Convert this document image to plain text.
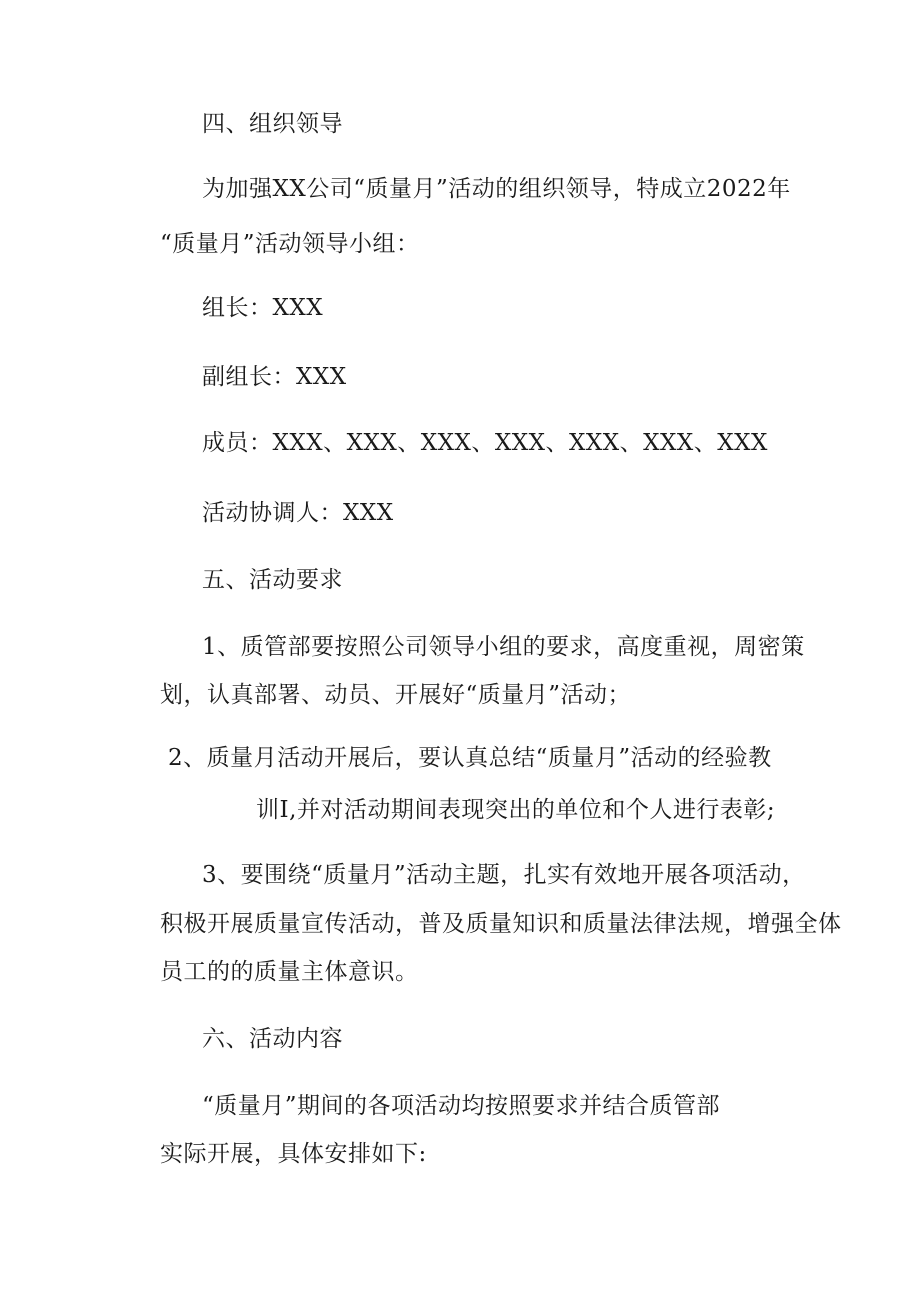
四、组织领导
为加强XX公司“质量月”活动的组织领导，特成立2022年
“质量月”活动领导小组：
组长：XXX
副组长：XXX
成员：XXX、XXX、XXX、XXX、XXX、XXX、XXX
活动协调人：XXX
五、活动要求
1、质管部要按照公司领导小组的要求，高度重视，周密策
划，认真部署、动员、开展好“质量月”活动；
2、质量月活动开展后，要认真总结“质量月”活动的经验教
训I,并对活动期间表现突出的单位和个人进行表彰;
3、要围绕“质量月”活动主题，扎实有效地开展各项活动，
积极开展质量宣传活动，普及质量知识和质量法律法规，增强全体
员工的的质量主体意识。
六、活动内容
“质量月”期间的各项活动均按照要求并结合质管部
实际开展，具体安排如下:
